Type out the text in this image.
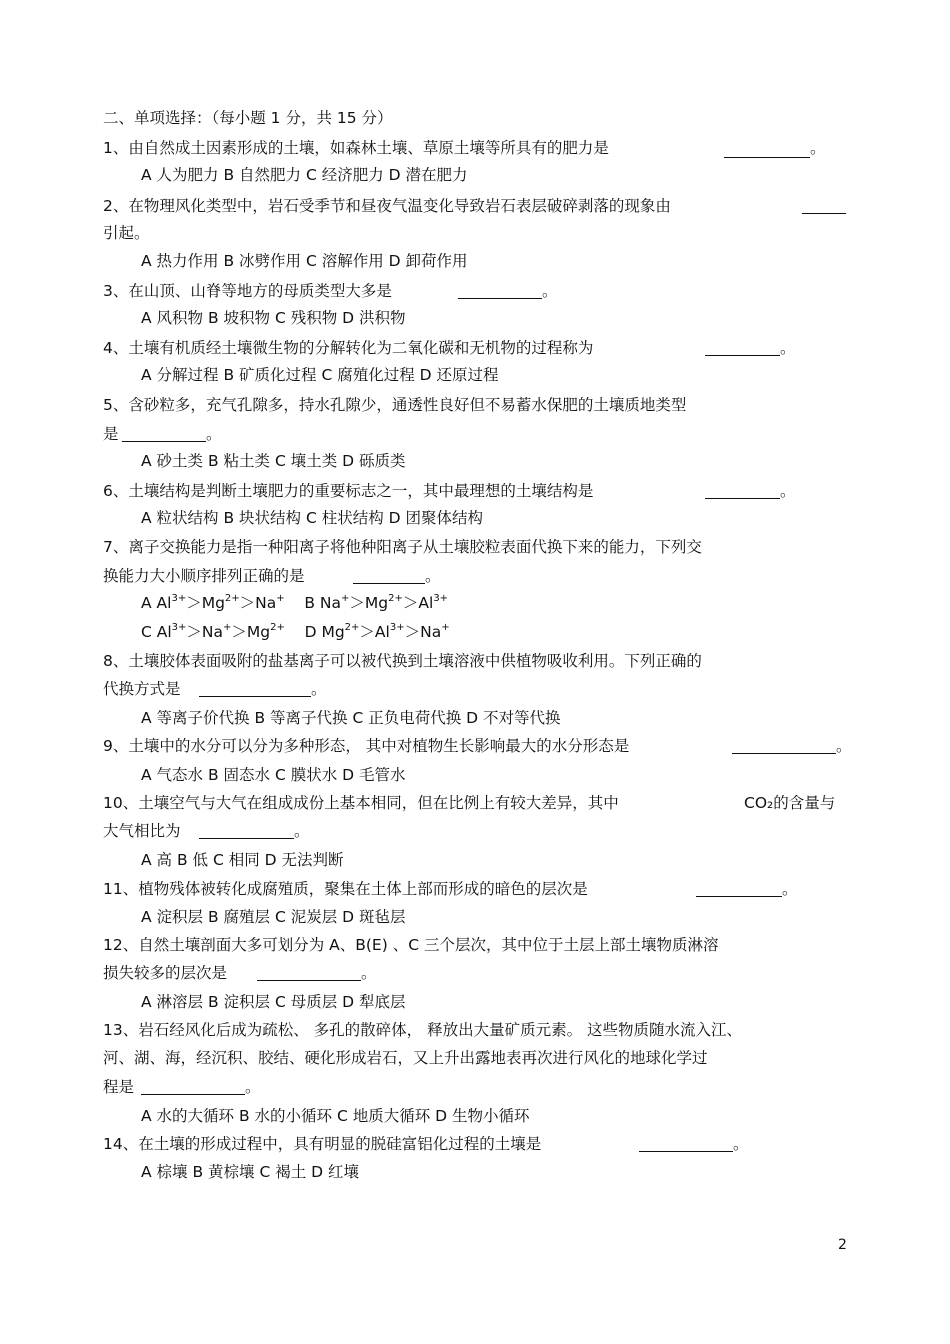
二、单项选择：（每小题 1 分，共 15 分）
1、由自然成土因素形成的土壤，如森林土壤、草原土壤等所具有的肥力是	。
A 人为肥力 B 自然肥力 C 经济肥力 D 潜在肥力
2、在物理风化类型中，岩石受季节和昼夜气温变化导致岩石表层破碎剥落的现象由
引起。
A 热力作用 B 冰劈作用 C 溶解作用 D 卸荷作用
3、在山顶、山脊等地方的母质类型大多是	。
A 风积物 B 坡积物 C 残积物 D 洪积物
4、土壤有机质经土壤微生物的分解转化为二氧化碳和无机物的过程称为	。
A 分解过程 B 矿质化过程 C 腐殖化过程 D 还原过程
5、含砂粒多，充气孔隙多，持水孔隙少，通透性良好但不易蓄水保肥的土壤质地类型
是	。
A 砂土类 B 粘土类 C 壤土类 D 砾质类
6、土壤结构是判断土壤肥力的重要标志之一，其中最理想的土壤结构是	。
A 粒状结构 B 块状结构 C 柱状结构 D 团聚体结构
7、离子交换能力是指一种阳离子将他种阳离子从土壤胶粒表面代换下来的能力，下列交
换能力大小顺序排列正确的是	。
A $Al^{3+}>Mg^{2+}>Na^+$ B $Na^+>Mg^{2+}>Al^{3+}$
C $Al^{3+}>Na^+>Mg^{2+}$ D $Mg^{2+}>Al^{3+}>Na^+$
8、土壤胶体表面吸附的盐基离子可以被代换到土壤溶液中供植物吸收利用。下列正确的
代换方式是	。
A 等离子价代换 B 等离子代换 C 正负电荷代换 D 不对等代换
9、土壤中的水分可以分为多种形态， 其中对植物生长影响最大的水分形态是	。
A 气态水 B 固态水 C 膜状水 D 毛管水
10、土壤空气与大气在组成成份上基本相同，但在比例上有较大差异，其中	CO₂的含量与
大气相比为	。
A 高 B 低 C 相同 D 无法判断
11、植物残体被转化成腐殖质，聚集在土体上部而形成的暗色的层次是	。
A 淀积层 B 腐殖层 C 泥炭层 D 斑毡层
12、自然土壤剖面大多可划分为 A、B(E) 、C 三个层次，其中位于土层上部土壤物质淋溶
损失较多的层次是	。
A 淋溶层 B 淀积层 C 母质层 D 犁底层
13、岩石经风化后成为疏松、 多孔的散碎体， 释放出大量矿质元素。 这些物质随水流入江、
河、湖、海，经沉积、胶结、硬化形成岩石，又上升出露地表再次进行风化的地球化学过
程是	。
A 水的大循环 B 水的小循环 C 地质大循环 D 生物小循环
14、在土壤的形成过程中，具有明显的脱硅富铝化过程的土壤是	。
A 棕壤 B 黄棕壤 C 褐土 D 红壤
2
